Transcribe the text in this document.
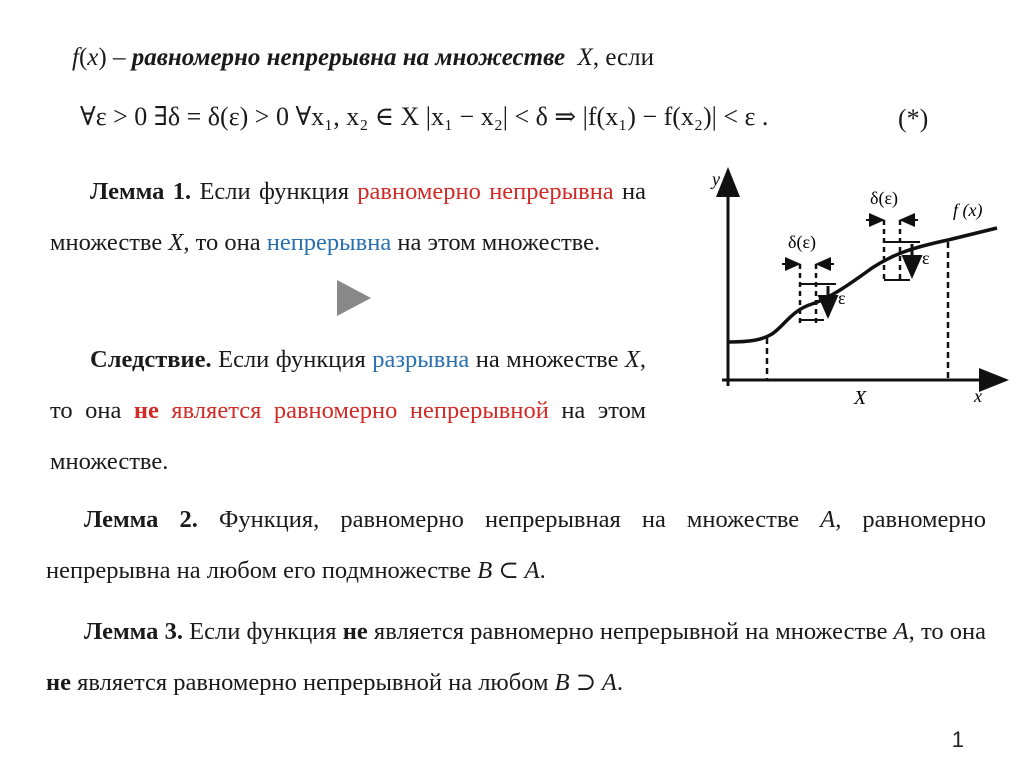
f(x) – равномерно непрерывна на множестве X, если
∀ε > 0 ∃δ = δ(ε) > 0 ∀x₁, x₂ ∈ X |x₁ − x₂| < δ ⇒ |f(x₁) − f(x₂)| < ε .	(*)
Лемма 1. Если функция равномерно непрерывна на множестве X, то она непрерывна на этом множестве.
Следствие. Если функция разрывна на множестве X, то она не является равномерно непрерывной на этом множестве.
y
x
X
f (x)
δ(ε)
ε
δ(ε)
ε
Лемма 2. Функция, равномерно непрерывная на множестве A, равномерно непрерывна на любом его подмножестве B ⊂ A.
Лемма 3. Если функция не является равномерно непрерывной на множестве A, то она не является равномерно непрерывной на любом B ⊃ A.
1
